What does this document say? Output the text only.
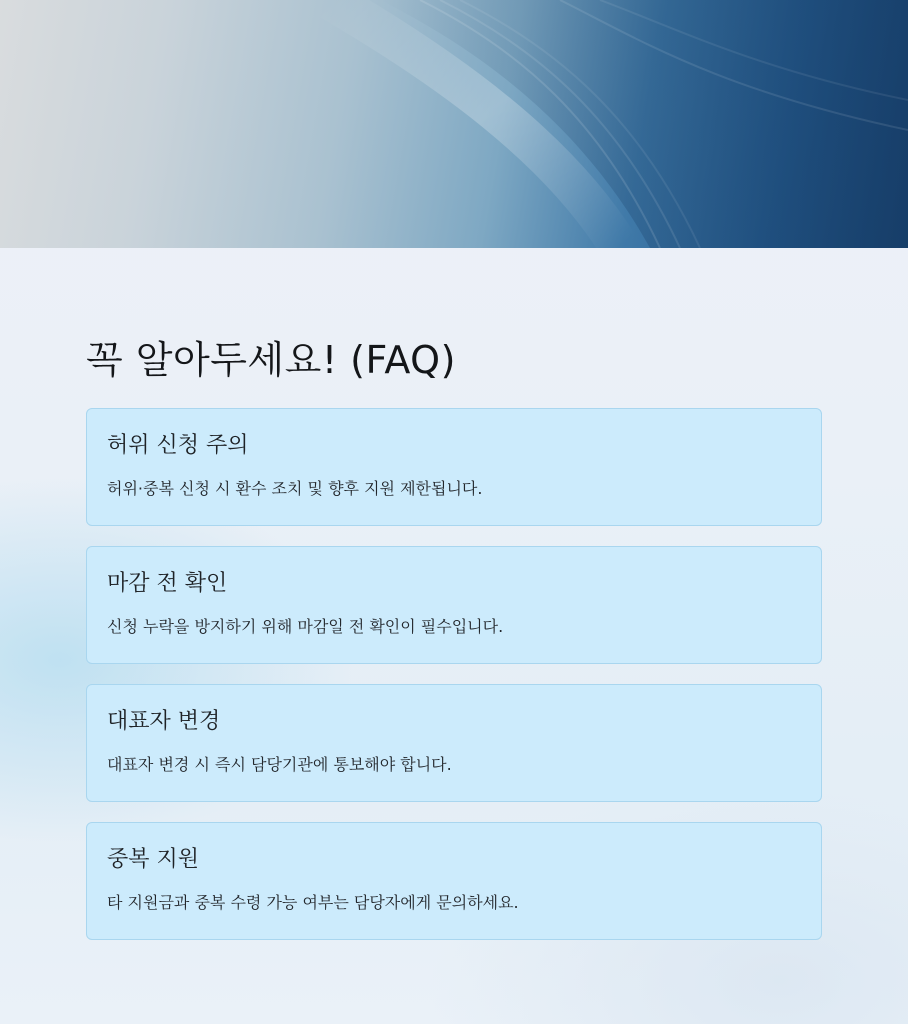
꼭 알아두세요! (FAQ)
허위 신청 주의

허위·중복 신청 시 환수 조치 및 향후 지원 제한됩니다.

마감 전 확인

신청 누락을 방지하기 위해 마감일 전 확인이 필수입니다.

대표자 변경

대표자 변경 시 즉시 담당기관에 통보해야 합니다.

중복 지원

타 지원금과 중복 수령 가능 여부는 담당자에게 문의하세요.
